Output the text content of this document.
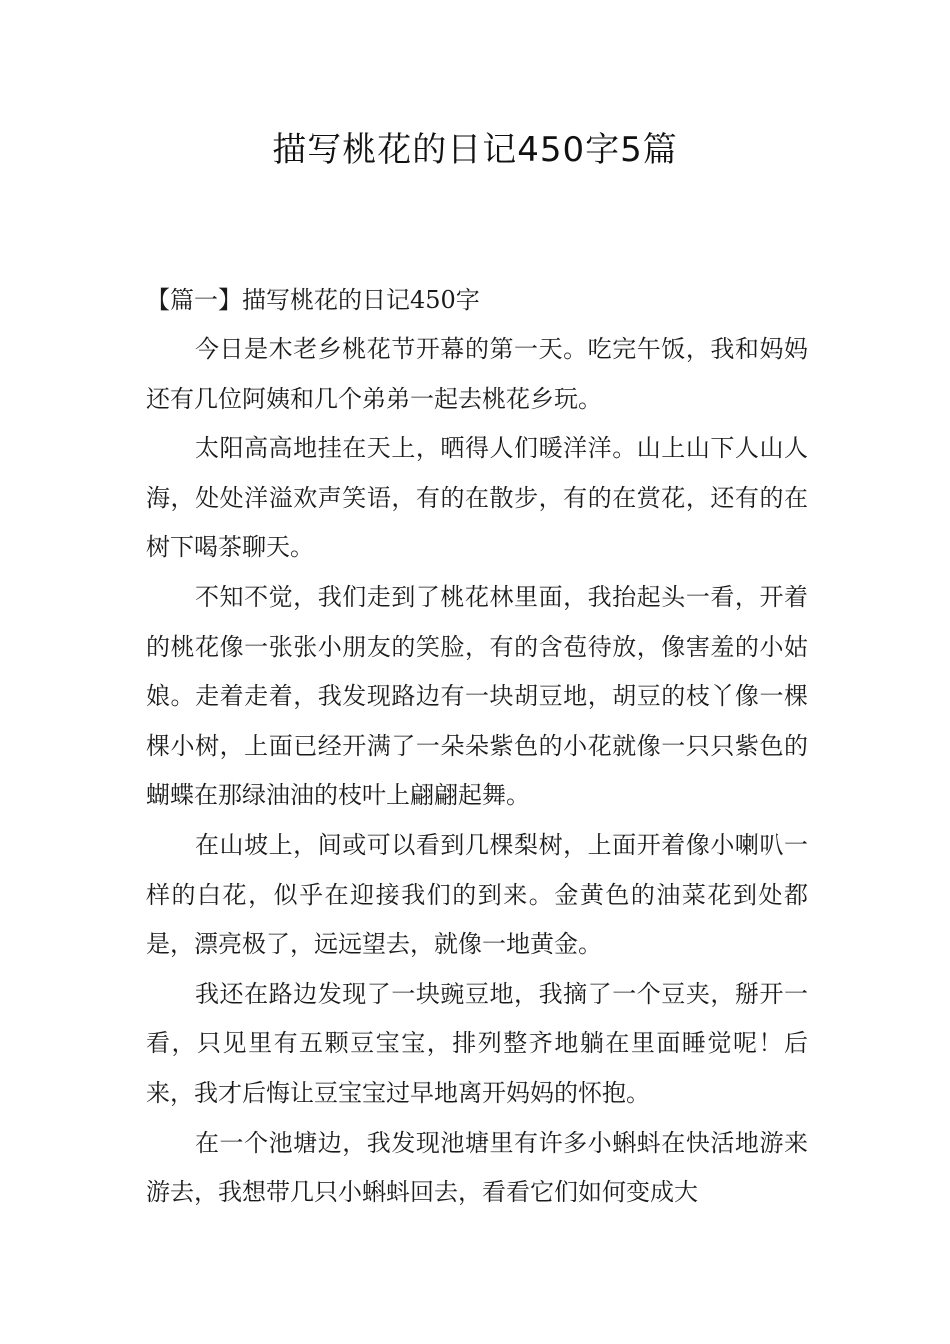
描写桃花的日记450字5篇

【篇一】描写桃花的日记450字

今日是木老乡桃花节开幕的第一天。吃完午饭，我和妈妈还有几位阿姨和几个弟弟一起去桃花乡玩。

太阳高高地挂在天上，晒得人们暖洋洋。山上山下人山人海，处处洋溢欢声笑语，有的在散步，有的在赏花，还有的在树下喝茶聊天。

不知不觉，我们走到了桃花林里面，我抬起头一看，开着的桃花像一张张小朋友的笑脸，有的含苞待放，像害羞的小姑娘。走着走着，我发现路边有一块胡豆地，胡豆的枝丫像一棵棵小树，上面已经开满了一朵朵紫色的小花就像一只只紫色的蝴蝶在那绿油油的枝叶上翩翩起舞。

在山坡上，间或可以看到几棵梨树，上面开着像小喇叭一样的白花，似乎在迎接我们的到来。金黄色的油菜花到处都是，漂亮极了，远远望去，就像一地黄金。

我还在路边发现了一块豌豆地，我摘了一个豆夹，掰开一看，只见里有五颗豆宝宝，排列整齐地躺在里面睡觉呢！后来，我才后悔让豆宝宝过早地离开妈妈的怀抱。

在一个池塘边，我发现池塘里有许多小蝌蚪在快活地游来游去，我想带几只小蝌蚪回去，看看它们如何变成大
